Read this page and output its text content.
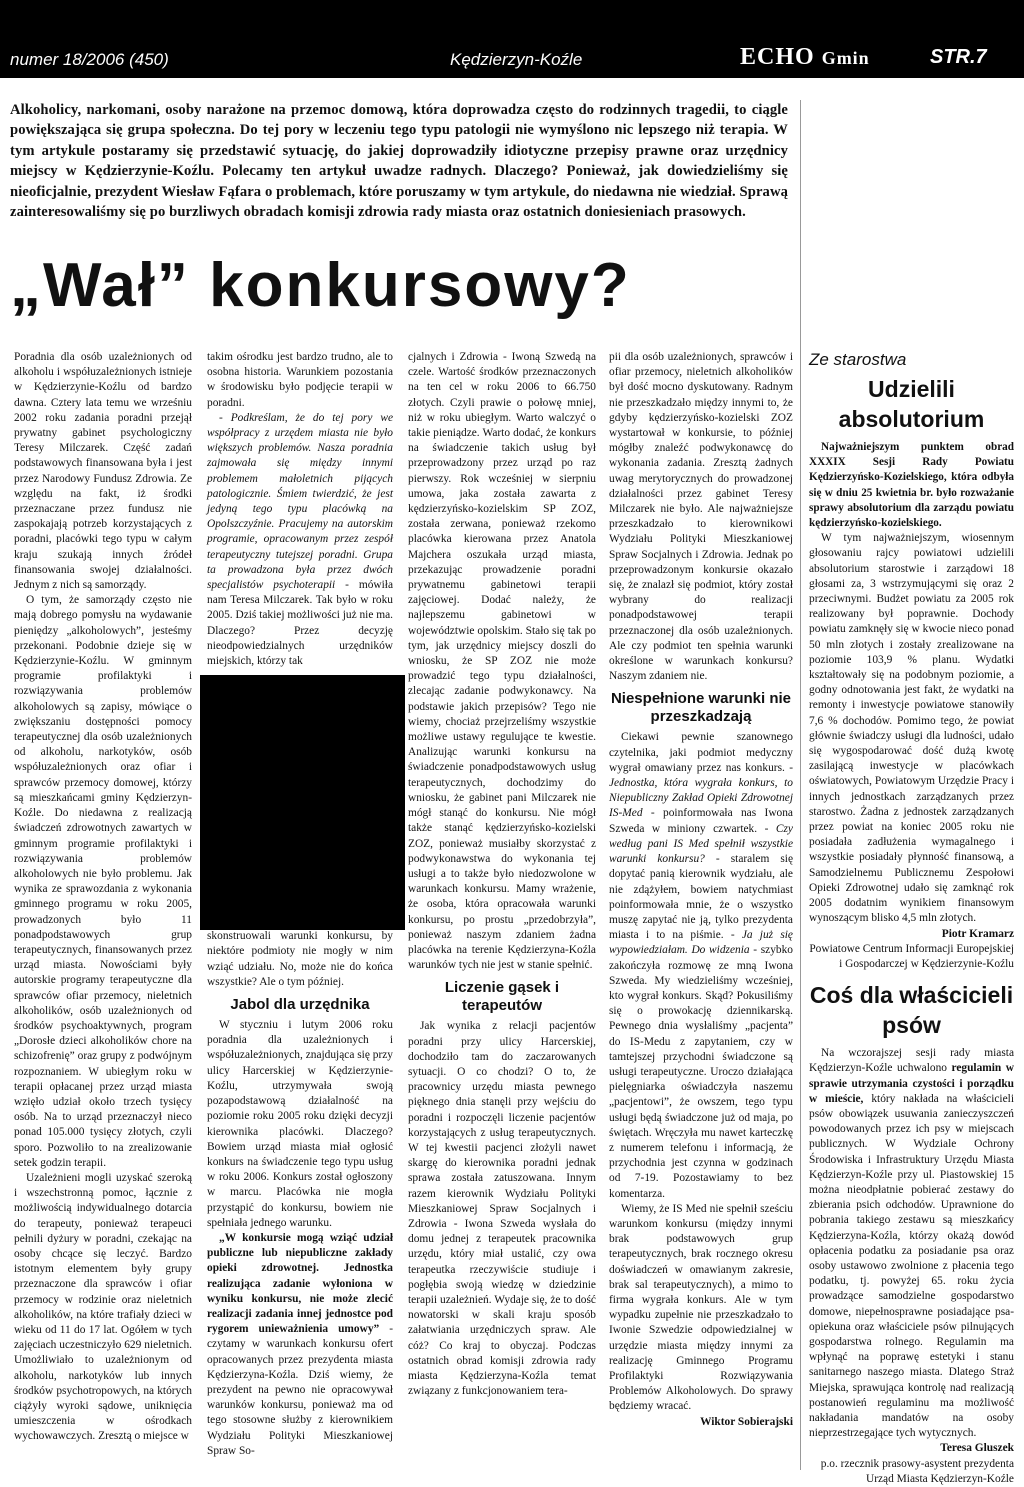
numer 18/2006 (450)	Kędzierzyn-Koźle	ECHO Gmin	STR.7
Alkoholicy, narkomani, osoby narażone na przemoc domową, która doprowadza często do rodzinnych tragedii, to ciągle powiększająca się grupa społeczna. Do tej pory w leczeniu tego typu patologii nie wymyślono nic lepszego niż terapia. W tym artykule postaramy się przedstawić sytuację, do jakiej doprowadziły idiotyczne przepisy prawne oraz urzędnicy miejscy w Kędzierzynie-Koźlu. Polecamy ten artykuł uwadze radnych. Dlaczego? Ponieważ, jak dowiedzieliśmy się nieoficjalnie, prezydent Wiesław Fąfara o problemach, które poruszamy w tym artykule, do niedawna nie wiedział. Sprawą zainteresowaliśmy się po burzliwych obradach komisji zdrowia rady miasta oraz ostatnich doniesieniach prasowych.
„Wał” konkursowy?

Poradnia dla osób uzależnionych od alkoholu i współuzależnionych istnieje w Kędzierzynie-Koźlu od bardzo dawna. Cztery lata temu we wrześniu 2002 roku zadania poradni przejął prywatny gabinet psychologiczny Teresy Milczarek. Część zadań podstawowych finansowana była i jest przez Narodowy Fundusz Zdrowia. Ze względu na fakt, iż środki przeznaczane przez fundusz nie zaspokajają potrzeb korzystających z poradni, placówki tego typu w całym kraju szukają innych źródeł finansowania swojej działalności. Jednym z nich są samorządy.

O tym, że samorządy często nie mają dobrego pomysłu na wydawanie pieniędzy „alkoholowych”, jesteśmy przekonani. Podobnie dzieje się w Kędzierzynie-Koźlu. W gminnym programie profilaktyki i rozwiązywania problemów alkoholowych są zapisy, mówiące o zwiększaniu dostępności pomocy terapeutycznej dla osób uzależnionych od alkoholu, narkotyków, osób współuzależnionych oraz ofiar i sprawców przemocy domowej, którzy są mieszkańcami gminy Kędzierzyn-Koźle. Do niedawna z realizacją świadczeń zdrowotnych zawartych w gminnym programie profilaktyki i rozwiązywania problemów alkoholowych nie było problemu. Jak wynika ze sprawozdania z wykonania gminnego programu w roku 2005, prowadzonych było 11 ponadpodstawowych grup terapeutycznych, finansowanych przez urząd miasta. Nowościami były autorskie programy terapeutyczne dla sprawców ofiar przemocy, nieletnich alkoholików, osób uzależnionych od środków psychoaktywnych, program „Dorosłe dzieci alkoholików chore na schizofrenię” oraz grupy z podwójnym rozpoznaniem. W ubiegłym roku w terapii opłacanej przez urząd miasta wzięło udział około trzech tysięcy osób. Na to urząd przeznaczył nieco ponad 105.000 tysięcy złotych, czyli sporo. Pozwoliło to na zrealizowanie setek godzin terapii.

Uzależnieni mogli uzyskać szeroką i wszechstronną pomoc, łącznie z możliwością indywidualnego dotarcia do terapeuty, ponieważ terapeuci pełnili dyżury w poradni, czekając na osoby chcące się leczyć. Bardzo istotnym elementem były grupy przeznaczone dla sprawców i ofiar przemocy w rodzinie oraz nieletnich alkoholików, na które trafiały dzieci w wieku od 11 do 17 lat. Ogółem w tych zajęciach uczestniczyło 629 nieletnich. Umożliwiało to uzależnionym od alkoholu, narkotyków lub innych środków psychotropowych, na których ciążyły wyroki sądowe, uniknięcia umieszczenia w ośrodkach wychowawczych. Zresztą o miejsce w

takim ośrodku jest bardzo trudno, ale to osobna historia. Warunkiem pozostania w środowisku było podjęcie terapii w poradni.

- Podkreślam, że do tej pory we współpracy z urzędem miasta nie było większych problemów. Nasza poradnia zajmowała się między innymi problemem małoletnich pijących patologicznie. Śmiem twierdzić, że jest jedyną tego typu placówką na Opolszczyźnie. Pracujemy na autorskim programie, opracowanym przez zespół terapeutyczny tutejszej poradni. Grupa ta prowadzona była przez dwóch specjalistów psychoterapii - mówiła nam Teresa Milczarek. Tak było w roku 2005. Dziś takiej możliwości już nie ma. Dlaczego? Przez decyzję nieodpowiedzialnych urzędników miejskich, którzy tak

skonstruowali warunki konkursu, by niektóre podmioty nie mogły w nim wziąć udziału. No, może nie do końca wszystkie? Ale o tym później.

Jabol dla urzędnika

W styczniu i lutym 2006 roku poradnia dla uzależnionych i współuzależnionych, znajdująca się przy ulicy Harcerskiej w Kędzierzynie-Koźlu, utrzymywała swoją pozapodstawową działalność na poziomie roku 2005 roku dzięki decyzji kierownika placówki. Dlaczego? Bowiem urząd miasta miał ogłosić konkurs na świadczenie tego typu usług w roku 2006. Konkurs został ogłoszony w marcu. Placówka nie mogła przystąpić do konkursu, bowiem nie spełniała jednego warunku.

„W konkursie mogą wziąć udział publiczne lub niepubliczne zakłady opieki zdrowotnej. Jednostka realizująca zadanie wyłoniona w wyniku konkursu, nie może zlecić realizacji zadania innej jednostce pod rygorem unieważnienia umowy” - czytamy w warunkach konkursu ofert opracowanych przez prezydenta miasta Kędzierzyna-Koźla. Dziś wiemy, że prezydent na pewno nie opracowywał warunków konkursu, ponieważ ma od tego stosowne służby z kierownikiem Wydziału Polityki Mieszkaniowej Spraw So-

cjalnych i Zdrowia - Iwoną Szwedą na czele. Wartość środków przeznaczonych na ten cel w roku 2006 to 66.750 złotych. Czyli prawie o połowę mniej, niż w roku ubiegłym. Warto walczyć o takie pieniądze. Warto dodać, że konkurs na świadczenie takich usług był przeprowadzony przez urząd po raz pierwszy. Rok wcześniej w sierpniu umowa, jaka została zawarta z kędzierzyńsko-kozielskim SP ZOZ, została zerwana, ponieważ rzekomo placówka kierowana przez Anatola Majchera oszukała urząd miasta, przekazując prowadzenie poradni prywatnemu gabinetowi terapii zajęciowej. Dodać należy, że najlepszemu gabinetowi w województwie opolskim. Stało się tak po tym, jak urzędnicy miejscy doszli do wniosku, że SP ZOZ nie może prowadzić tego typu działalności, zlecając zadanie podwykonawcy. Na podstawie jakich przepisów? Tego nie wiemy, chociaż przejrzeliśmy wszystkie możliwe ustawy regulujące te kwestie. Analizując warunki konkursu na świadczenie ponadpodstawowych usług terapeutycznych, dochodzimy do wniosku, że gabinet pani Milczarek nie mógł stanąć do konkursu. Nie mógł także stanąć kędzierzyńsko-kozielski ZOZ, ponieważ musiałby skorzystać z podwykonawstwa do wykonania tej usługi a to także było niedozwolone w warunkach konkursu. Mamy wrażenie, że osoba, która opracowała warunki konkursu, po prostu „przedobrzyła”, ponieważ naszym zdaniem żadna placówka na terenie Kędzierzyna-Koźla warunków tych nie jest w stanie spełnić.

Liczenie gąsek i terapeutów

Jak wynika z relacji pacjentów poradni przy ulicy Harcerskiej, dochodziło tam do zaczarowanych sytuacji. O co chodzi? O to, że pracownicy urzędu miasta pewnego pięknego dnia stanęli przy wejściu do poradni i rozpoczęli liczenie pacjentów korzystających z usług terapeutycznych. W tej kwestii pacjenci złożyli nawet skargę do kierownika poradni jednak sprawa została zatuszowana. Innym razem kierownik Wydziału Polityki Mieszkaniowej Spraw Socjalnych i Zdrowia - Iwona Szweda wysłała do domu jednej z terapeutek pracownika urzędu, który miał ustalić, czy owa terapeutka rzeczywiście studiuje i pogłębia swoją wiedzę w dziedzinie terapii uzależnień. Wydaje się, że to dość nowatorski w skali kraju sposób załatwiania urzędniczych spraw. Ale cóż? Co kraj to obyczaj. Podczas ostatnich obrad komisji zdrowia rady miasta Kędzierzyna-Koźla temat związany z funkcjonowaniem tera-

pii dla osób uzależnionych, sprawców i ofiar przemocy, nieletnich alkoholików był dość mocno dyskutowany. Radnym nie przeszkadzało między innymi to, że gdyby kędzierzyńsko-kozielski ZOZ wystartował w konkursie, to później mógłby znaleźć podwykonawcę do wykonania zadania. Zresztą żadnych uwag merytorycznych do prowadzonej działalności przez gabinet Teresy Milczarek nie było. Ale najważniejsze przeszkadzało to kierownikowi Wydziału Polityki Mieszkaniowej Spraw Socjalnych i Zdrowia. Jednak po przeprowadzonym konkursie okazało się, że znalazł się podmiot, który został wybrany do realizacji ponadpodstawowej terapii przeznaczonej dla osób uzależnionych. Ale czy podmiot ten spełnia warunki określone w warunkach konkursu? Naszym zdaniem nie.

Niespełnione warunki nie przeszkadzają

Ciekawi pewnie szanownego czytelnika, jaki podmiot medyczny wygrał omawiany przez nas konkurs. - Jednostka, która wygrała konkurs, to Niepubliczny Zakład Opieki Zdrowotnej IS-Med - poinformowała nas Iwona Szweda w miniony czwartek. - Czy według pani IS Med spełnił wszystkie warunki konkursu? - staralem się dopytać panią kierownik wydziału, ale nie zdążyłem, bowiem natychmiast poinformowała mnie, że o wszystko muszę zapytać nie ją, tylko prezydenta miasta i to na piśmie. - Ja już się wypowiedziałam. Do widzenia - szybko zakończyła rozmowę ze mną Iwona Szweda. My wiedzieliśmy wcześniej, kto wygrał konkurs. Skąd? Pokusiliśmy się o prowokację dziennikarską. Pewnego dnia wysłaliśmy „pacjenta” do IS-Medu z zapytaniem, czy w tamtejszej przychodni świadczone są usługi terapeutyczne. Uroczo działająca pielęgniarka oświadczyła naszemu „pacjentowi”, że owszem, tego typu usługi będą świadczone już od maja, po świętach. Wręczyła mu nawet karteczkę z numerem telefonu i informacją, że przychodnia jest czynna w godzinach od 7-19. Pozostawiamy to bez komentarza.

Wiemy, że IS Med nie spełnił sześciu warunkom konkursu (między innymi brak podstawowych grup terapeutycznych, brak rocznego okresu doświadczeń w omawianym zakresie, brak sal terapeutycznych), a mimo to firma wygrała konkurs. Ale w tym wypadku zupełnie nie przeszkadzało to Iwonie Szwedzie odpowiedzialnej w urzędzie miasta między innymi za realizację Gminnego Programu Profilaktyki Rozwiązywania Problemów Alkoholowych. Do sprawy będziemy wracać.

Wiktor Sobierajski
Ze starostwa
Udzielili absolutorium

Najważniejszym punktem obrad XXXIX Sesji Rady Powiatu Kędzierzyńsko-Kozielskiego, która odbyła się w dniu 25 kwietnia br. było rozważanie sprawy absolutorium dla zarządu powiatu kędzierzyńsko-kozielskiego.

W tym najważniejszym, wiosennym głosowaniu rajcy powiatowi udzielili absolutorium starostwie i zarządowi 18 głosami za, 3 wstrzymującymi się oraz 2 przeciwnymi. Budżet powiatu za 2005 rok realizowany był poprawnie. Dochody powiatu zamknęły się w kwocie nieco ponad 50 mln złotych i zostały zrealizowane na poziomie 103,9 % planu. Wydatki kształtowały się na podobnym poziomie, a godny odnotowania jest fakt, że wydatki na remonty i inwestycje powiatowe stanowiły 7,6 % dochodów. Pomimo tego, że powiat głównie świadczy usługi dla ludności, udało się wygospodarować dość dużą kwotę zasilającą inwestycje w placówkach oświatowych, Powiatowym Urzędzie Pracy i innych jednostkach zarządzanych przez starostwo. Żadna z jednostek zarządzanych przez powiat na koniec 2005 roku nie posiadała zadłużenia wymagalnego i wszystkie posiadały płynność finansową, a Samodzielnemu Publicznemu Zespołowi Opieki Zdrowotnej udało się zamknąć rok 2005 dodatnim wynikiem finansowym wynoszącym blisko 4,5 mln złotych.

Piotr Kramarz
Powiatowe Centrum Informacji Europejskiej i Gospodarczej w Kędzierzynie-Koźlu
Coś dla właścicieli psów

Na wczorajszej sesji rady miasta Kędzierzyn-Koźle uchwalono regulamin w sprawie utrzymania czystości i porządku w mieście, który nakłada na właścicieli psów obowiązek usuwania zanieczyszczeń powodowanych przez ich psy w miejscach publicznych. W Wydziale Ochrony Środowiska i Infrastruktury Urzędu Miasta Kędzierzyn-Koźle przy ul. Piastowskiej 15 można nieodpłatnie pobierać zestawy do zbierania psich odchodów. Uprawnione do pobrania takiego zestawu są mieszkańcy Kędzierzyna-Koźla, którzy okażą dowód opłacenia podatku za posiadanie psa oraz osoby ustawowo zwolnione z płacenia tego podatku, tj. powyżej 65. roku życia prowadzące samodzielne gospodarstwo domowe, niepełnosprawne posiadające psa-opiekuna oraz właściciele psów pilnujących gospodarstwa rolnego. Regulamin ma wpłynąć na poprawę estetyki i stanu sanitarnego naszego miasta. Dlatego Straż Miejska, sprawująca kontrolę nad realizacją postanowień regulaminu ma możliwość nakładania mandatów na osoby nieprzestrzegające tych wytycznych.

Teresa Gluszek
p.o. rzecznik prasowy-asystent prezydenta Urząd Miasta Kędzierzyn-Koźle
